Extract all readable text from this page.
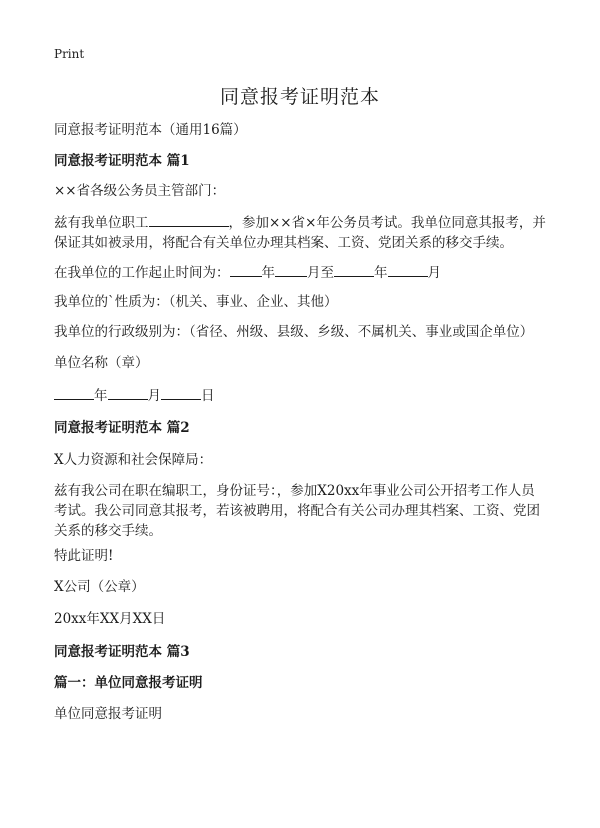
Print
同意报考证明范本
同意报考证明范本（通用16篇）
同意报考证明范本 篇1
××省各级公务员主管部门：
兹有我单位职工	，参加××省×年公务员考试。我单位同意其报考，并
保证其如被录用，将配合有关单位办理其档案、工资、党团关系的移交手续。
在我单位的工作起止时间为： 年 月至	年	月
我单位的`性质为：（机关、事业、企业、其他）
我单位的行政级别为：（省径、州级、县级、乡级、不属机关、事业或国企单位）
单位名称（章）
年	月	日
同意报考证明范本 篇2
X人力资源和社会保障局：
兹有我公司在职在编职工，身份证号：，参加X20xx年事业公司公开招考工作人员
考试。我公司同意其报考，若该被聘用，将配合有关公司办理其档案、工资、党团
关系的移交手续。
特此证明!
X公司（公章）
20xx年XX月XX日
同意报考证明范本 篇3
篇一：单位同意报考证明
单位同意报考证明
